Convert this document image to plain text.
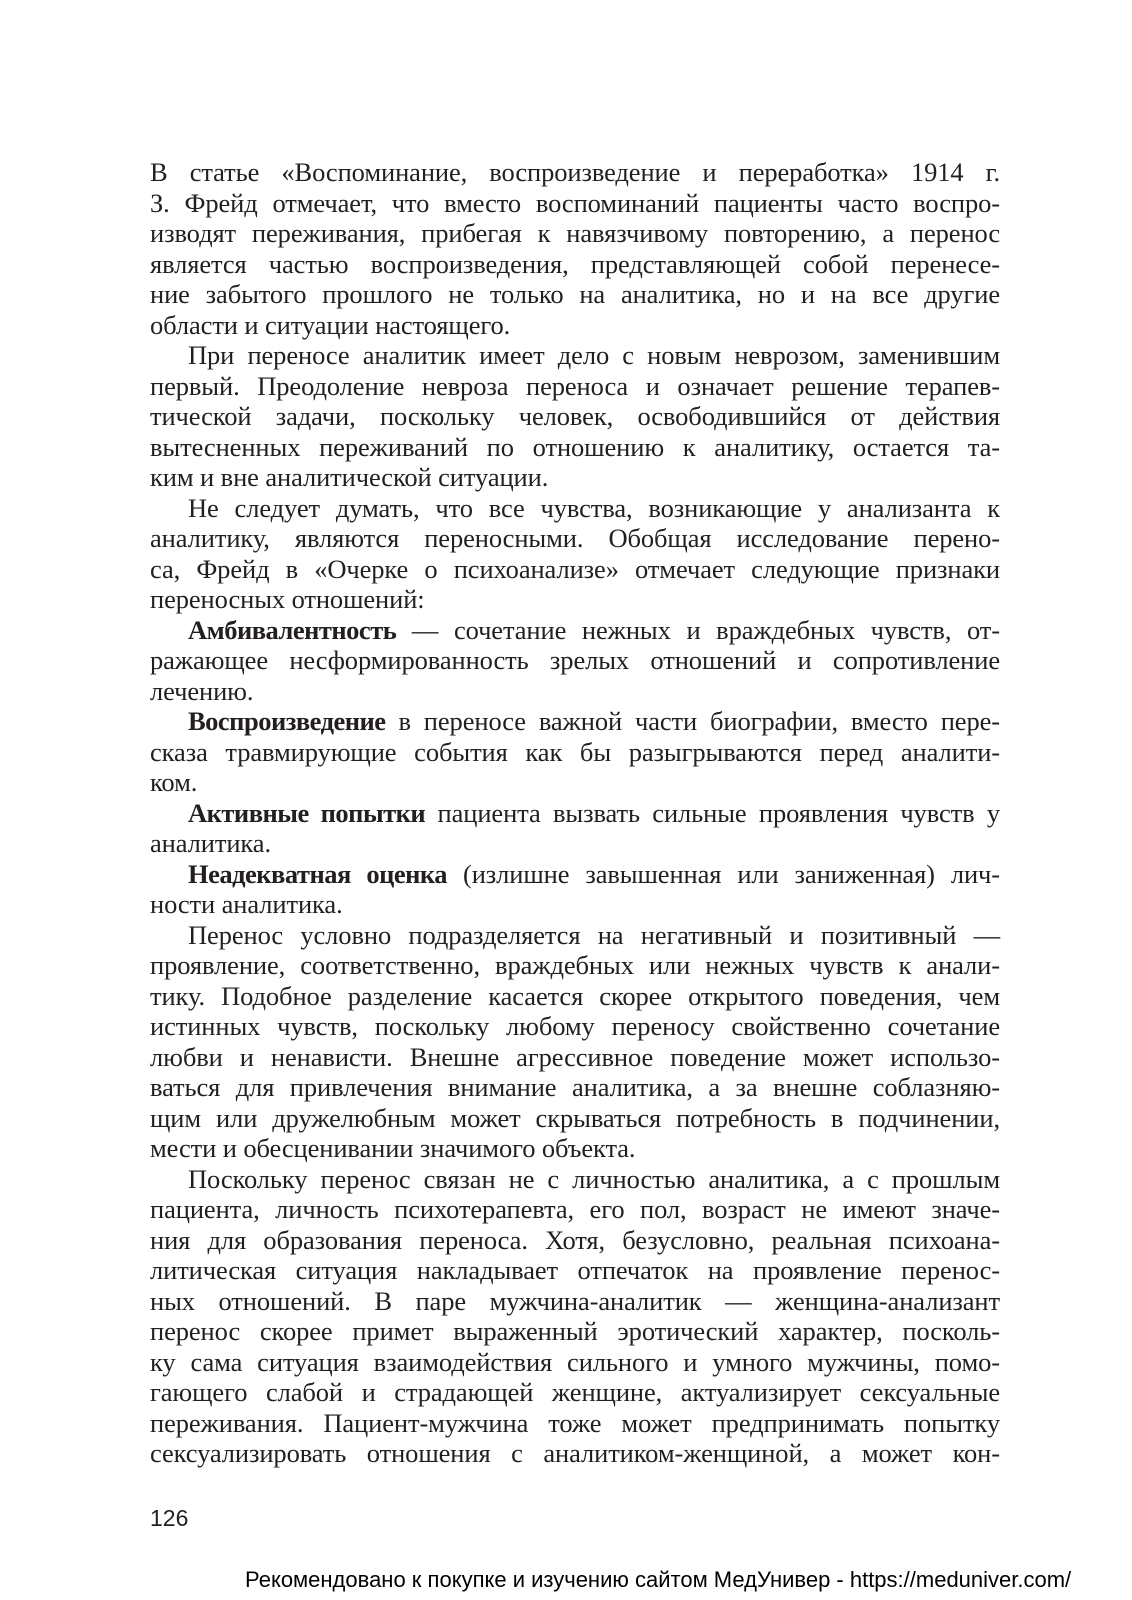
В статье «Воспоминание, воспроизведение и переработка» 1914 г.
З. Фрейд отмечает, что вместо воспоминаний пациенты часто воспро-
изводят переживания, прибегая к навязчивому повторению, а перенос
является частью воспроизведения, представляющей собой перенесе-
ние забытого прошлого не только на аналитика, но и на все другие
области и ситуации настоящего.
При переносе аналитик имеет дело с новым неврозом, заменившим
первый. Преодоление невроза переноса и означает решение терапев-
тической задачи, поскольку человек, освободившийся от действия
вытесненных переживаний по отношению к аналитику, остается та-
ким и вне аналитической ситуации.
Не следует думать, что все чувства, возникающие у анализанта к
аналитику, являются переносными. Обобщая исследование перено-
са, Фрейд в «Очерке о психоанализе» отмечает следующие признаки
переносных отношений:
Амбивалентность — сочетание нежных и враждебных чувств, от-
ражающее несформированность зрелых отношений и сопротивление
лечению.
Воспроизведение в переносе важной части биографии, вместо пере-
сказа травмирующие события как бы разыгрываются перед аналити-
ком.
Активные попытки пациента вызвать сильные проявления чувств у
аналитика.
Неадекватная оценка (излишне завышенная или заниженная) лич-
ности аналитика.
Перенос условно подразделяется на негативный и позитивный —
проявление, соответственно, враждебных или нежных чувств к анали-
тику. Подобное разделение касается скорее открытого поведения, чем
истинных чувств, поскольку любому переносу свойственно сочетание
любви и ненависти. Внешне агрессивное поведение может использо-
ваться для привлечения внимание аналитика, а за внешне соблазняю-
щим или дружелюбным может скрываться потребность в подчинении,
мести и обесценивании значимого объекта.
Поскольку перенос связан не с личностью аналитика, а с прошлым
пациента, личность психотерапевта, его пол, возраст не имеют значе-
ния для образования переноса. Хотя, безусловно, реальная психоана-
литическая ситуация накладывает отпечаток на проявление перенос-
ных отношений. В паре мужчина-аналитик — женщина-анализант
перенос скорее примет выраженный эротический характер, посколь-
ку сама ситуация взаимодействия сильного и умного мужчины, помо-
гающего слабой и страдающей женщине, актуализирует сексуальные
переживания. Пациент-мужчина тоже может предпринимать попытку
сексуализировать отношения с аналитиком-женщиной, а может кон-
126
Рекомендовано к покупке и изучению сайтом МедУнивер - https://meduniver.com/
